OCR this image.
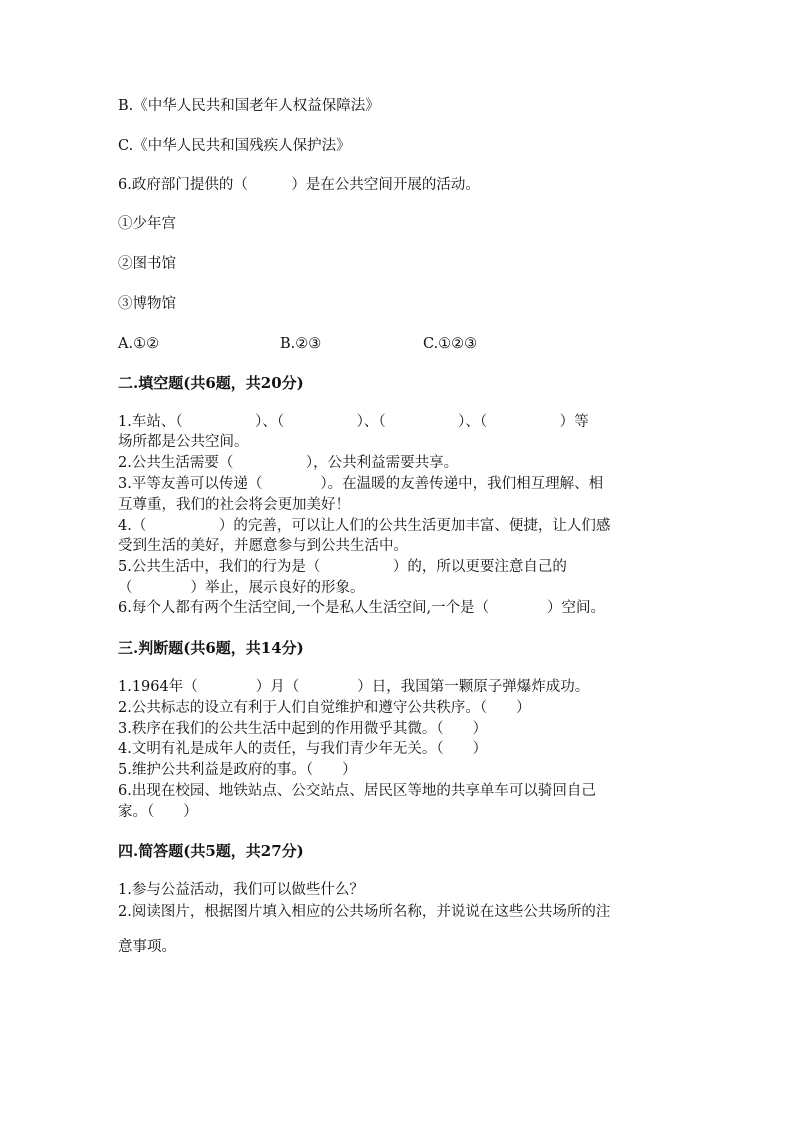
B.《中华人民共和国老年人权益保障法》
C.《中华人民共和国残疾人保护法》
6.政府部门提供的（　　　）是在公共空间开展的活动。
①少年宫
②图书馆
③博物馆
A.①②	B.②③	C.①②③
二.填空题(共6题，共20分)
1.车站、（　　　　　）、（　　　　　）、（　　　　　）、（　　　　　）等
场所都是公共空间。
2.公共生活需要（　　　　　），公共利益需要共享。
3.平等友善可以传递（　　　　）。在温暖的友善传递中，我们相互理解、相
互尊重，我们的社会将会更加美好！
4.（　　　　　）的完善，可以让人们的公共生活更加丰富、便捷，让人们感
受到生活的美好，并愿意参与到公共生活中。
5.公共生活中，我们的行为是（　　　　　）的，所以更要注意自己的
（　　　　）举止，展示良好的形象。
6.每个人都有两个生活空间,一个是私人生活空间,一个是（　　　　）空间。
三.判断题(共6题，共14分)
1.1964年（　　　　）月（　　　　）日，我国第一颗原子弹爆炸成功。
2.公共标志的设立有利于人们自觉维护和遵守公共秩序。（　　）
3.秩序在我们的公共生活中起到的作用微乎其微。（　　）
4.文明有礼是成年人的责任，与我们青少年无关。（　　）
5.维护公共利益是政府的事。（　　）
6.出现在校园、地铁站点、公交站点、居民区等地的共享单车可以骑回自己
家。（　　）
四.简答题(共5题，共27分)
1.参与公益活动，我们可以做些什么？
2.阅读图片，根据图片填入相应的公共场所名称，并说说在这些公共场所的注
意事项。
